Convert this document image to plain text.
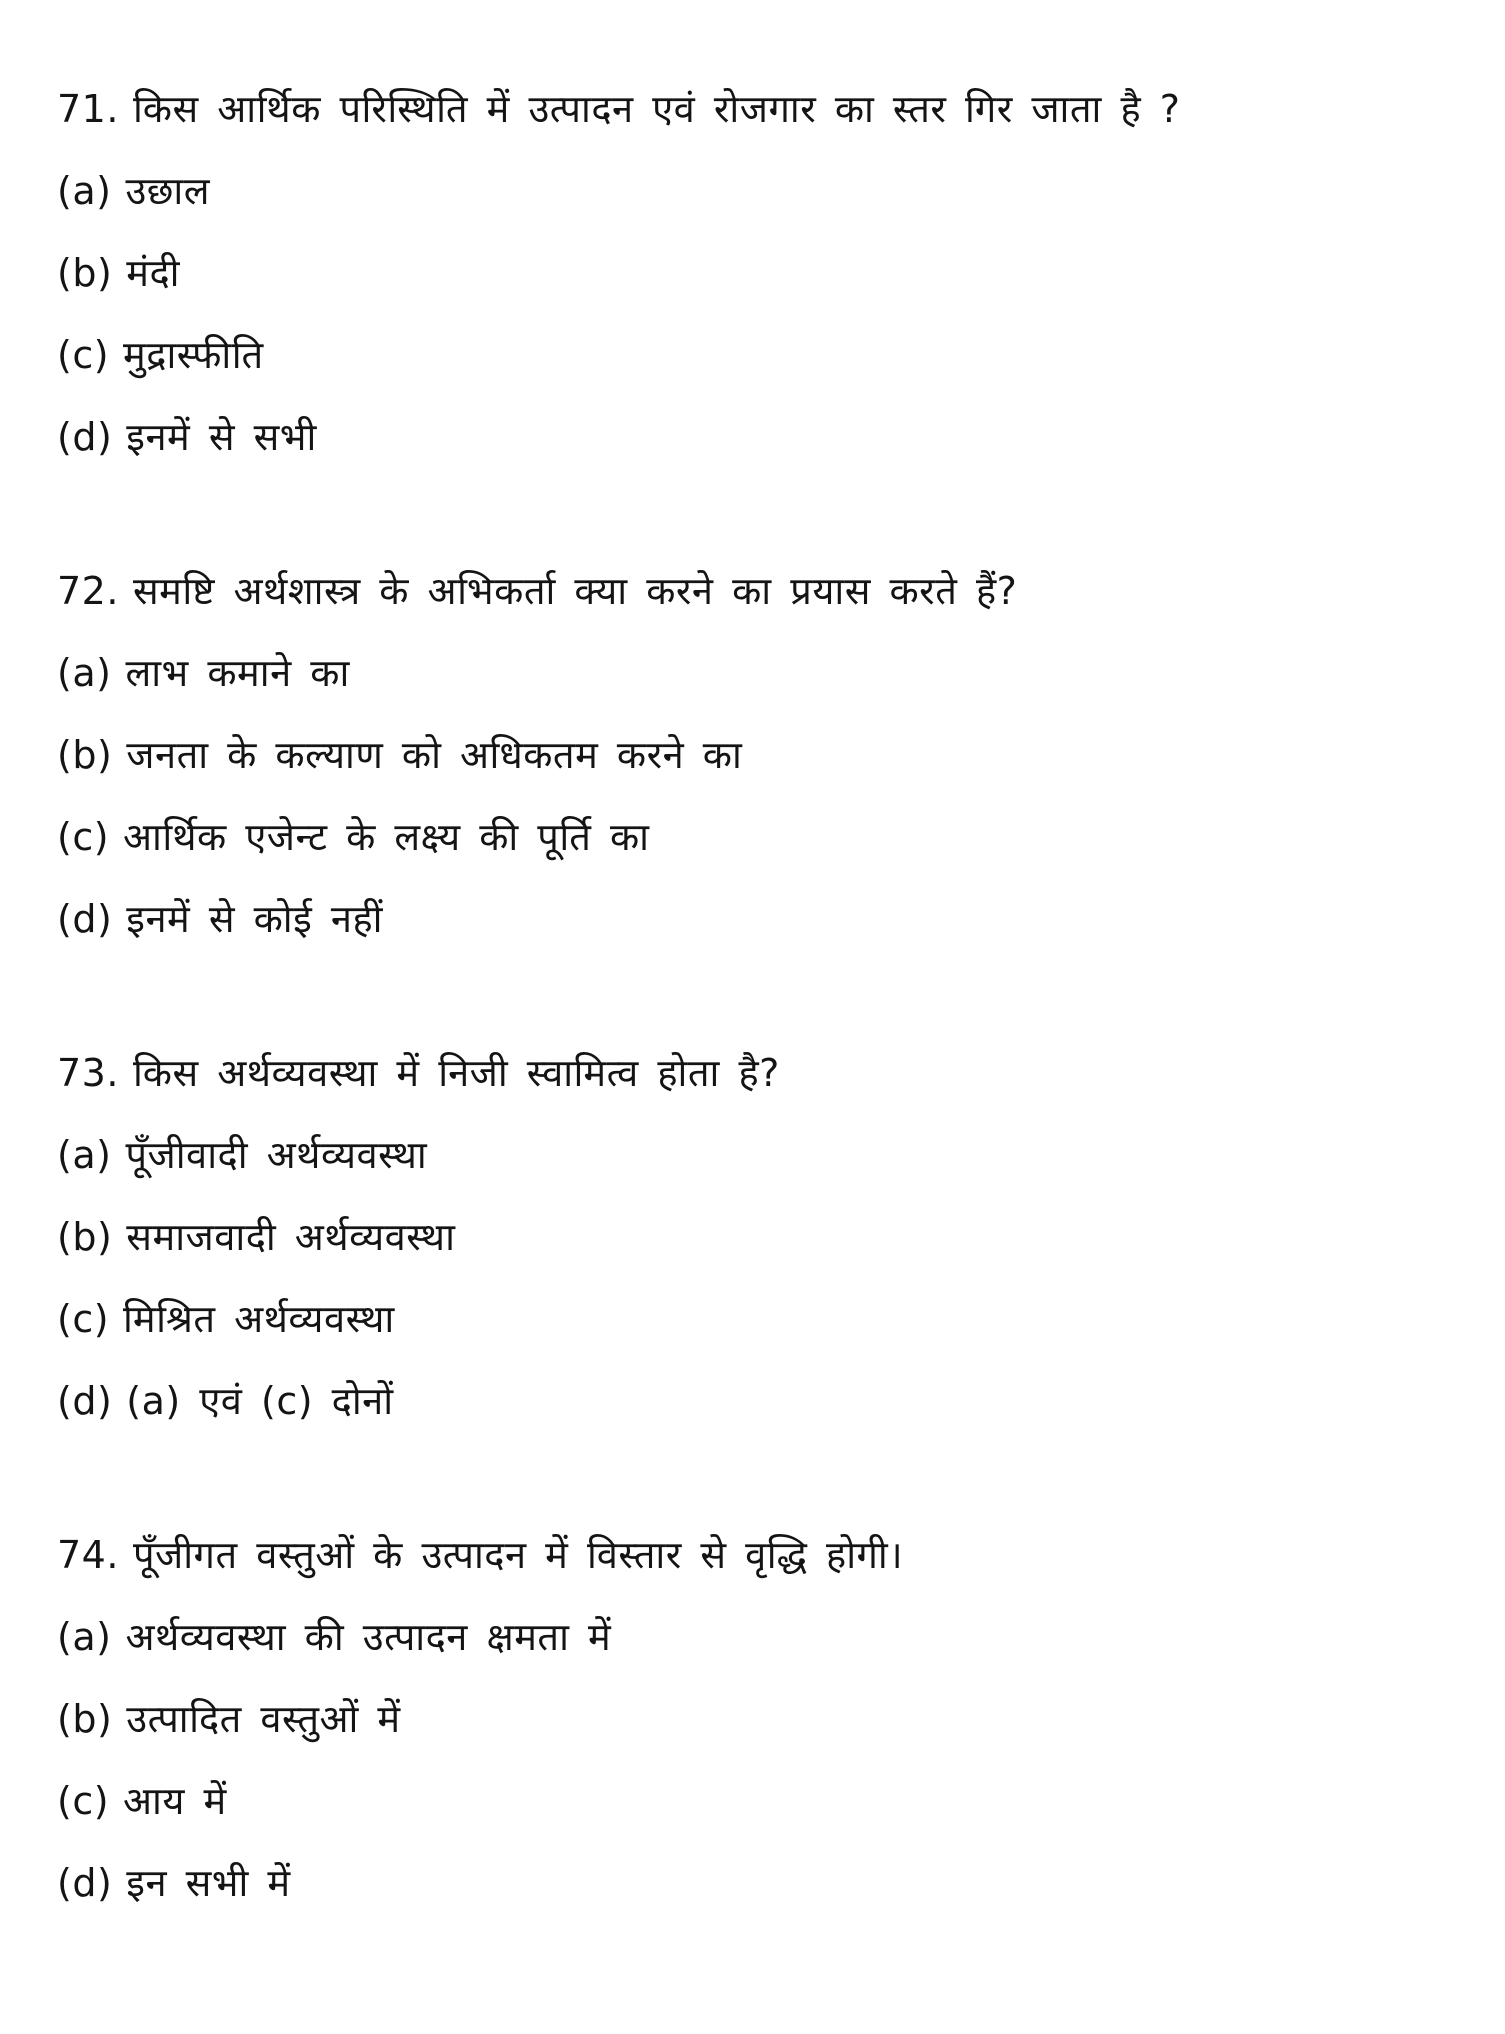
71. किस आर्थिक परिस्थिति में उत्पादन एवं रोजगार का स्तर गिर जाता है ?
(a) उछाल
(b) मंदी
(c) मुद्रास्फीति
(d) इनमें से सभी
72. समष्टि अर्थशास्त्र के अभिकर्ता क्या करने का प्रयास करते हैं?
(a) लाभ कमाने का
(b) जनता के कल्याण को अधिकतम करने का
(c) आर्थिक एजेन्ट के लक्ष्य की पूर्ति का
(d) इनमें से कोई नहीं
73. किस अर्थव्यवस्था में निजी स्वामित्व होता है?
(a) पूँजीवादी अर्थव्यवस्था
(b) समाजवादी अर्थव्यवस्था
(c) मिश्रित अर्थव्यवस्था
(d) (a) एवं (c) दोनों
74. पूँजीगत वस्तुओं के उत्पादन में विस्तार से वृद्धि होगी।
(a) अर्थव्यवस्था की उत्पादन क्षमता में
(b) उत्पादित वस्तुओं में
(c) आय में
(d) इन सभी में
